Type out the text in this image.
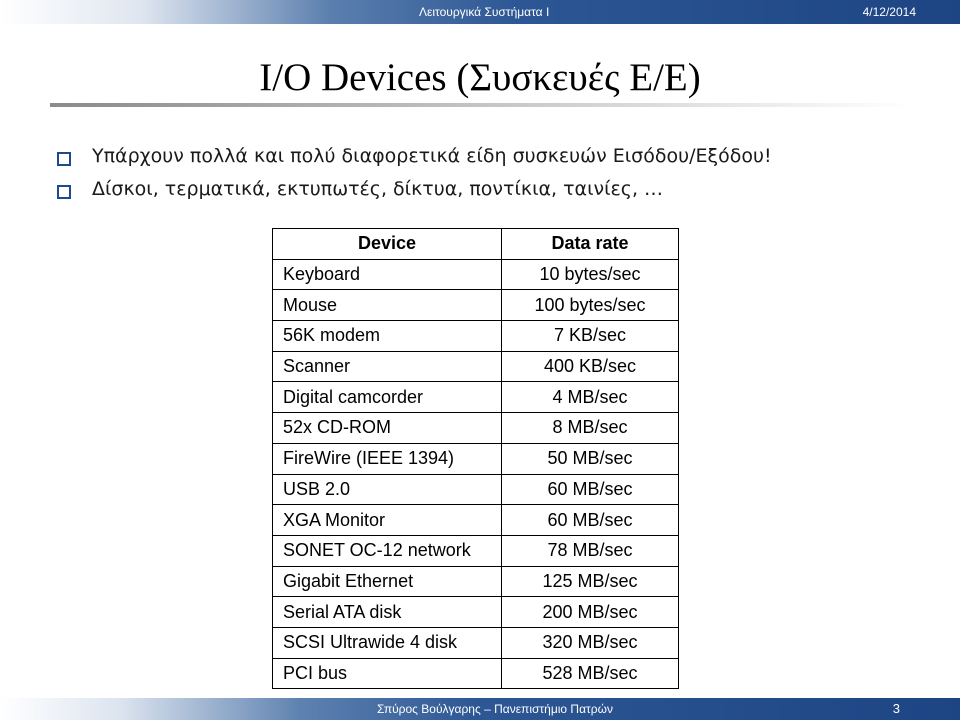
Λειτουργικά Συστήματα Ι	4/12/2014
I/O Devices (Συσκευές Ε/Ε)
Υπάρχουν πολλά και πολύ διαφορετικά είδη συσκευών Εισόδου/Εξόδου!
Δίσκοι, τερματικά, εκτυπωτές, δίκτυα, ποντίκια, ταινίες, …
Device	Data rate
Keyboard	10 bytes/sec
Mouse	100 bytes/sec
56K modem	7 KB/sec
Scanner	400 KB/sec
Digital camcorder	4 MB/sec
52x CD-ROM	8 MB/sec
FireWire (IEEE 1394)	50 MB/sec
USB 2.0	60 MB/sec
XGA Monitor	60 MB/sec
SONET OC-12 network	78 MB/sec
Gigabit Ethernet	125 MB/sec
Serial ATA disk	200 MB/sec
SCSI Ultrawide 4 disk	320 MB/sec
PCI bus	528 MB/sec
Σπύρος Βούλγαρης – Πανεπιστήμιο Πατρών	3
